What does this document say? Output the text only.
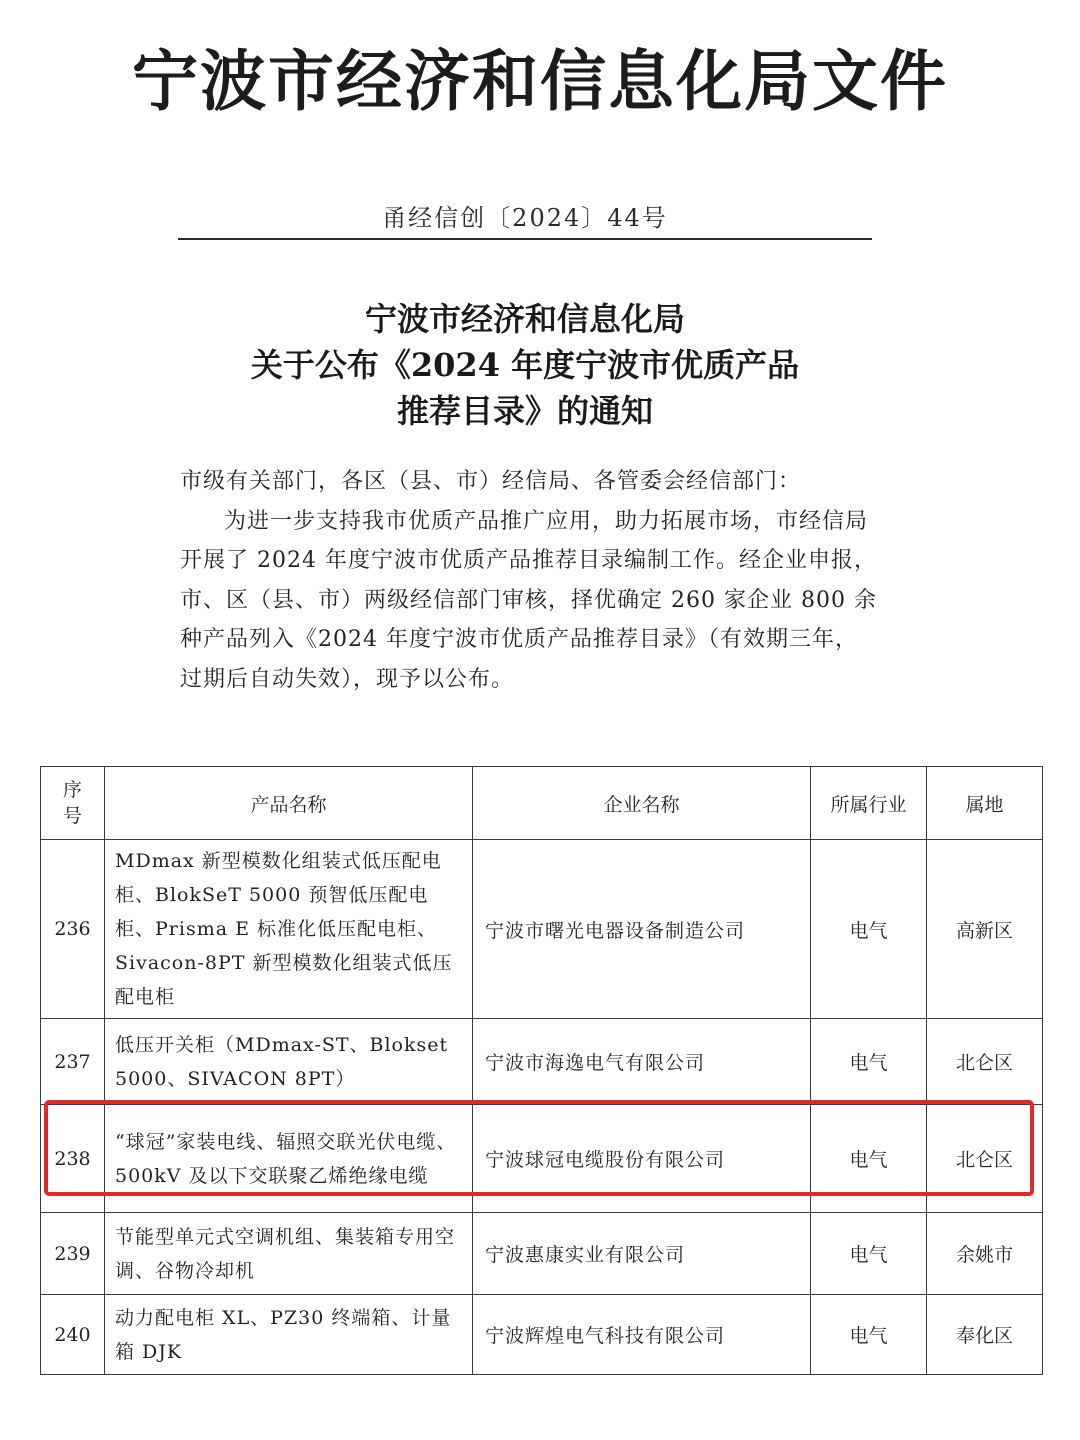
宁波市经济和信息化局文件
甬经信创〔2024〕44号
宁波市经济和信息化局
关于公布《2024 年度宁波市优质产品
推荐目录》的通知

市级有关部门，各区（县、市）经信局、各管委会经信部门：

为进一步支持我市优质产品推广应用，助力拓展市场，市经信局开展了 2024 年度宁波市优质产品推荐目录编制工作。经企业申报，市、区（县、市）两级经信部门审核，择优确定 260 家企业 800 余种产品列入《2024 年度宁波市优质产品推荐目录》（有效期三年，过期后自动失效），现予以公布。

序号	产品名称	企业名称	所属行业	属地
236	MDmax 新型模数化组装式低压配电柜、BlokSeT 5000 预智低压配电柜、Prisma E 标准化低压配电柜、Sivacon-8PT 新型模数化组装式低压配电柜	宁波市曙光电器设备制造公司	电气	高新区
237	低压开关柜（MDmax-ST、Blokset 5000、SIVACON 8PT）	宁波市海逸电气有限公司	电气	北仑区
238	“球冠”家装电线、辐照交联光伏电缆、500kV 及以下交联聚乙烯绝缘电缆	宁波球冠电缆股份有限公司	电气	北仑区
239	节能型单元式空调机组、集装箱专用空调、谷物冷却机	宁波惠康实业有限公司	电气	余姚市
240	动力配电柜 XL、PZ30 终端箱、计量箱 DJK	宁波辉煌电气科技有限公司	电气	奉化区
